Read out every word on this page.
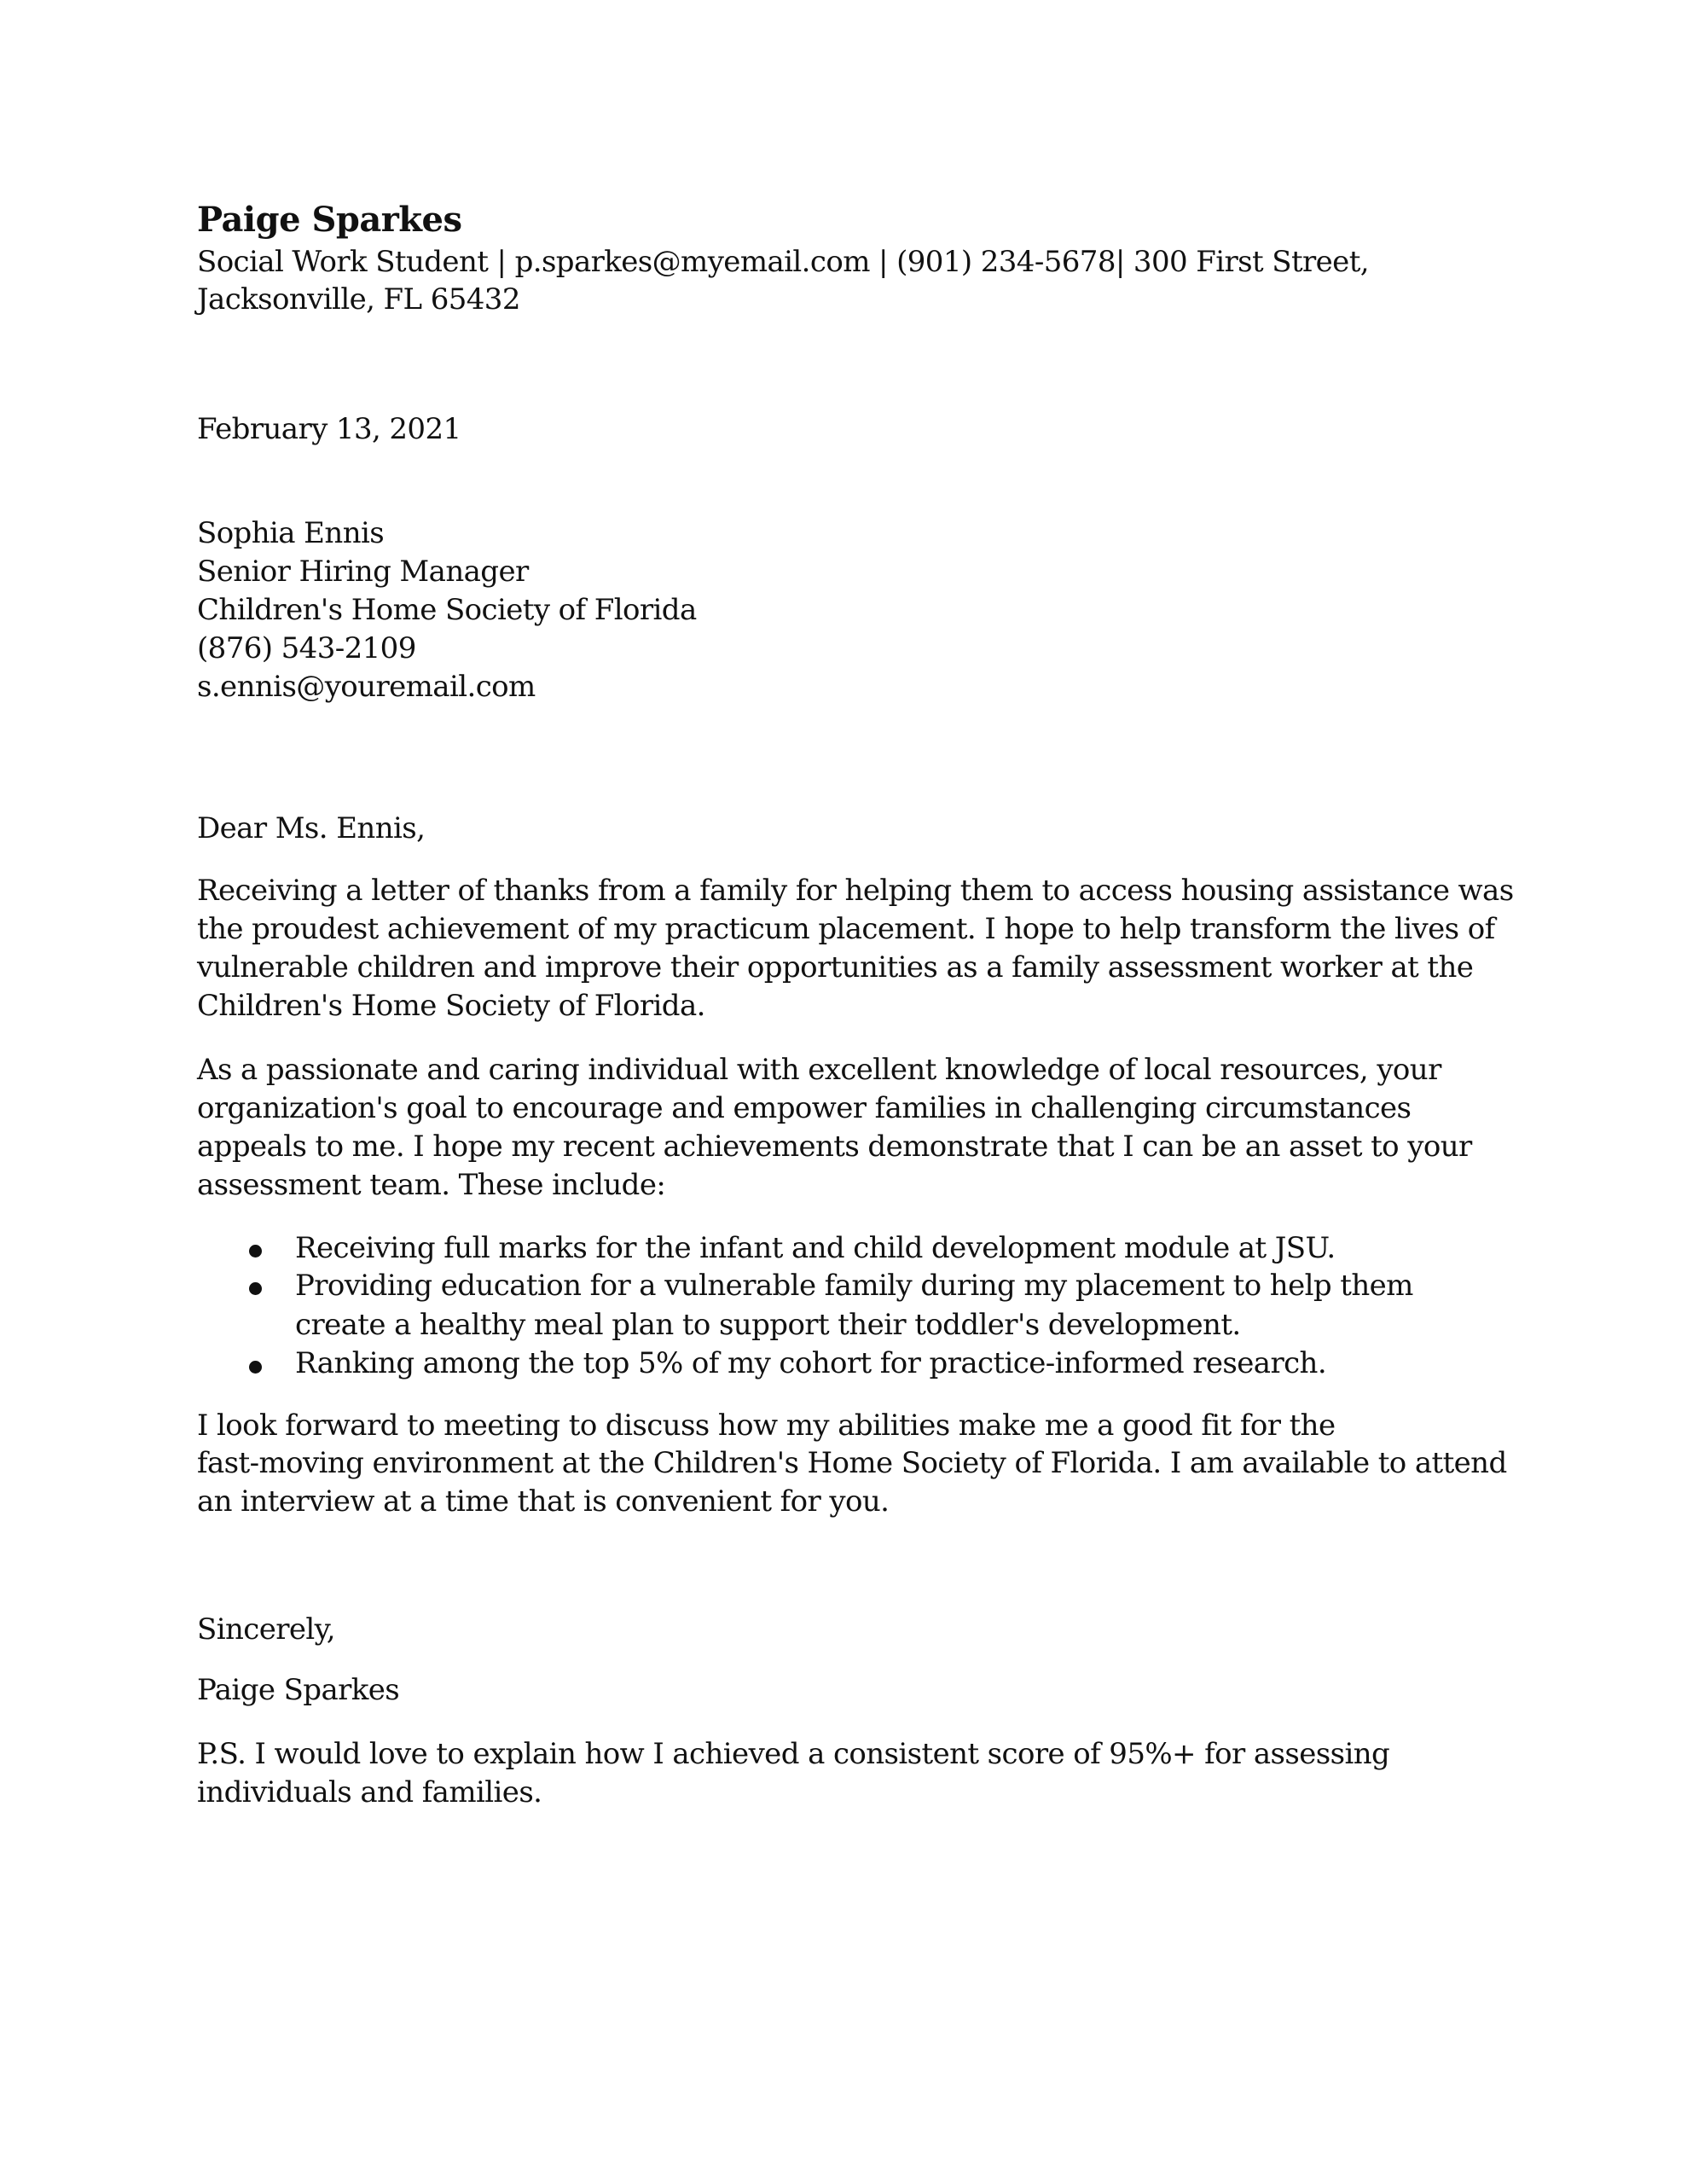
Paige Sparkes
Social Work Student | p.sparkes@myemail.com | (901) 234-5678| 300 First Street,
Jacksonville, FL 65432
February 13, 2021
Sophia Ennis
Senior Hiring Manager
Children's Home Society of Florida
(876) 543-2109
s.ennis@youremail.com
Dear Ms. Ennis,
Receiving a letter of thanks from a family for helping them to access housing assistance was
the proudest achievement of my practicum placement. I hope to help transform the lives of
vulnerable children and improve their opportunities as a family assessment worker at the
Children's Home Society of Florida.
As a passionate and caring individual with excellent knowledge of local resources, your
organization's goal to encourage and empower families in challenging circumstances
appeals to me. I hope my recent achievements demonstrate that I can be an asset to your
assessment team. These include:
Receiving full marks for the infant and child development module at JSU.
Providing education for a vulnerable family during my placement to help them
create a healthy meal plan to support their toddler's development.
Ranking among the top 5% of my cohort for practice-informed research.
I look forward to meeting to discuss how my abilities make me a good fit for the
fast-moving environment at the Children's Home Society of Florida. I am available to attend
an interview at a time that is convenient for you.
Sincerely,
Paige Sparkes
P.S. I would love to explain how I achieved a consistent score of 95%+ for assessing
individuals and families.
